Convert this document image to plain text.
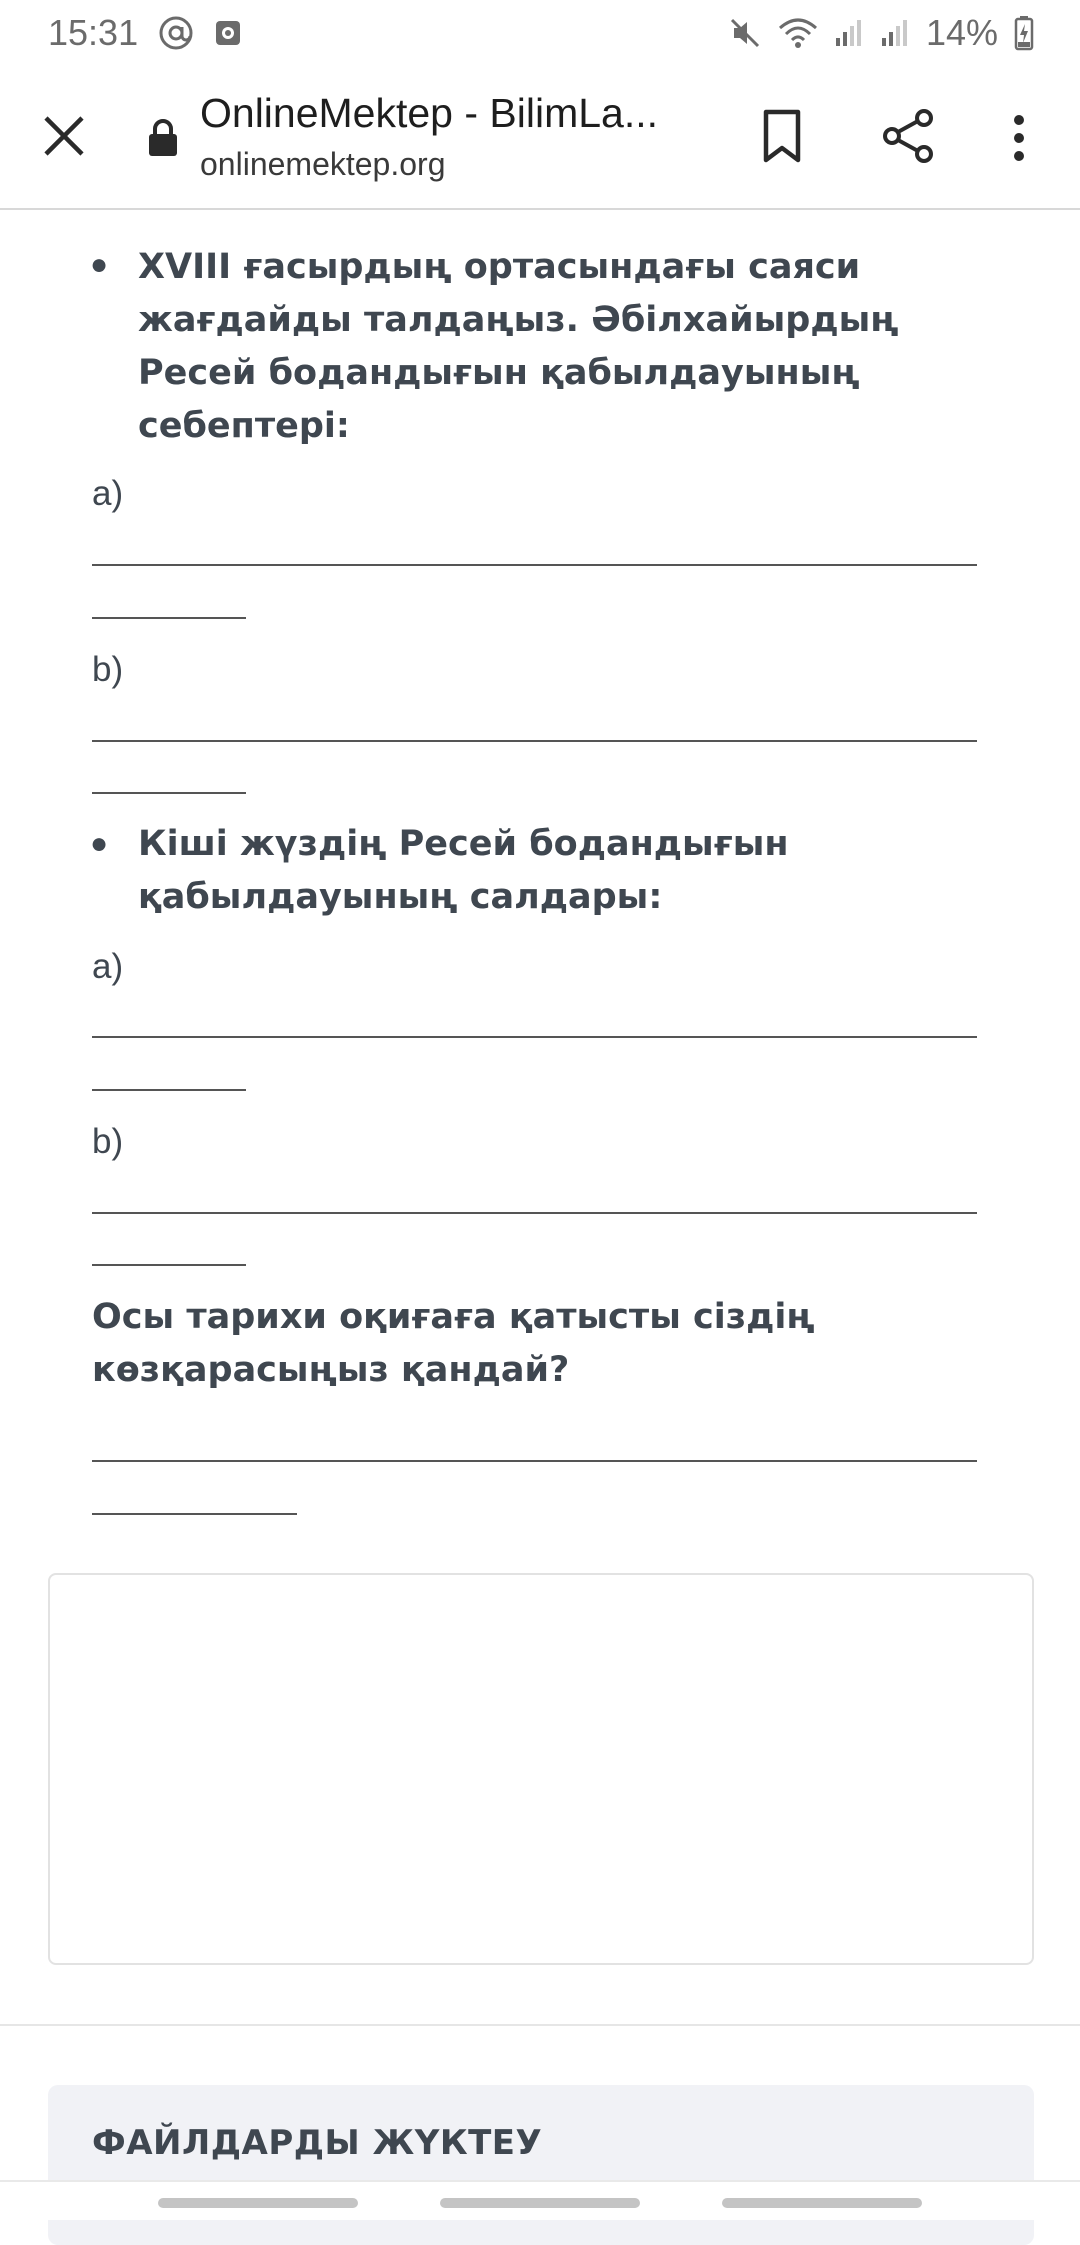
15:31	14%
OnlineMektep - BilimLa...
onlinemektep.org
● XVIII ғасырдың ортасындағы саяси жағдайды талдаңыз. Әбілхайырдың Ресей бодандығын қабылдауының себептері:
a)
b)
● Кіші жүздің Ресей бодандығын қабылдауының салдары:
a)
b)
Осы тарихи оқиғаға қатысты сіздің көзқарасыңыз қандай?
ФАЙЛДАРДЫ ЖҮКТЕУ
